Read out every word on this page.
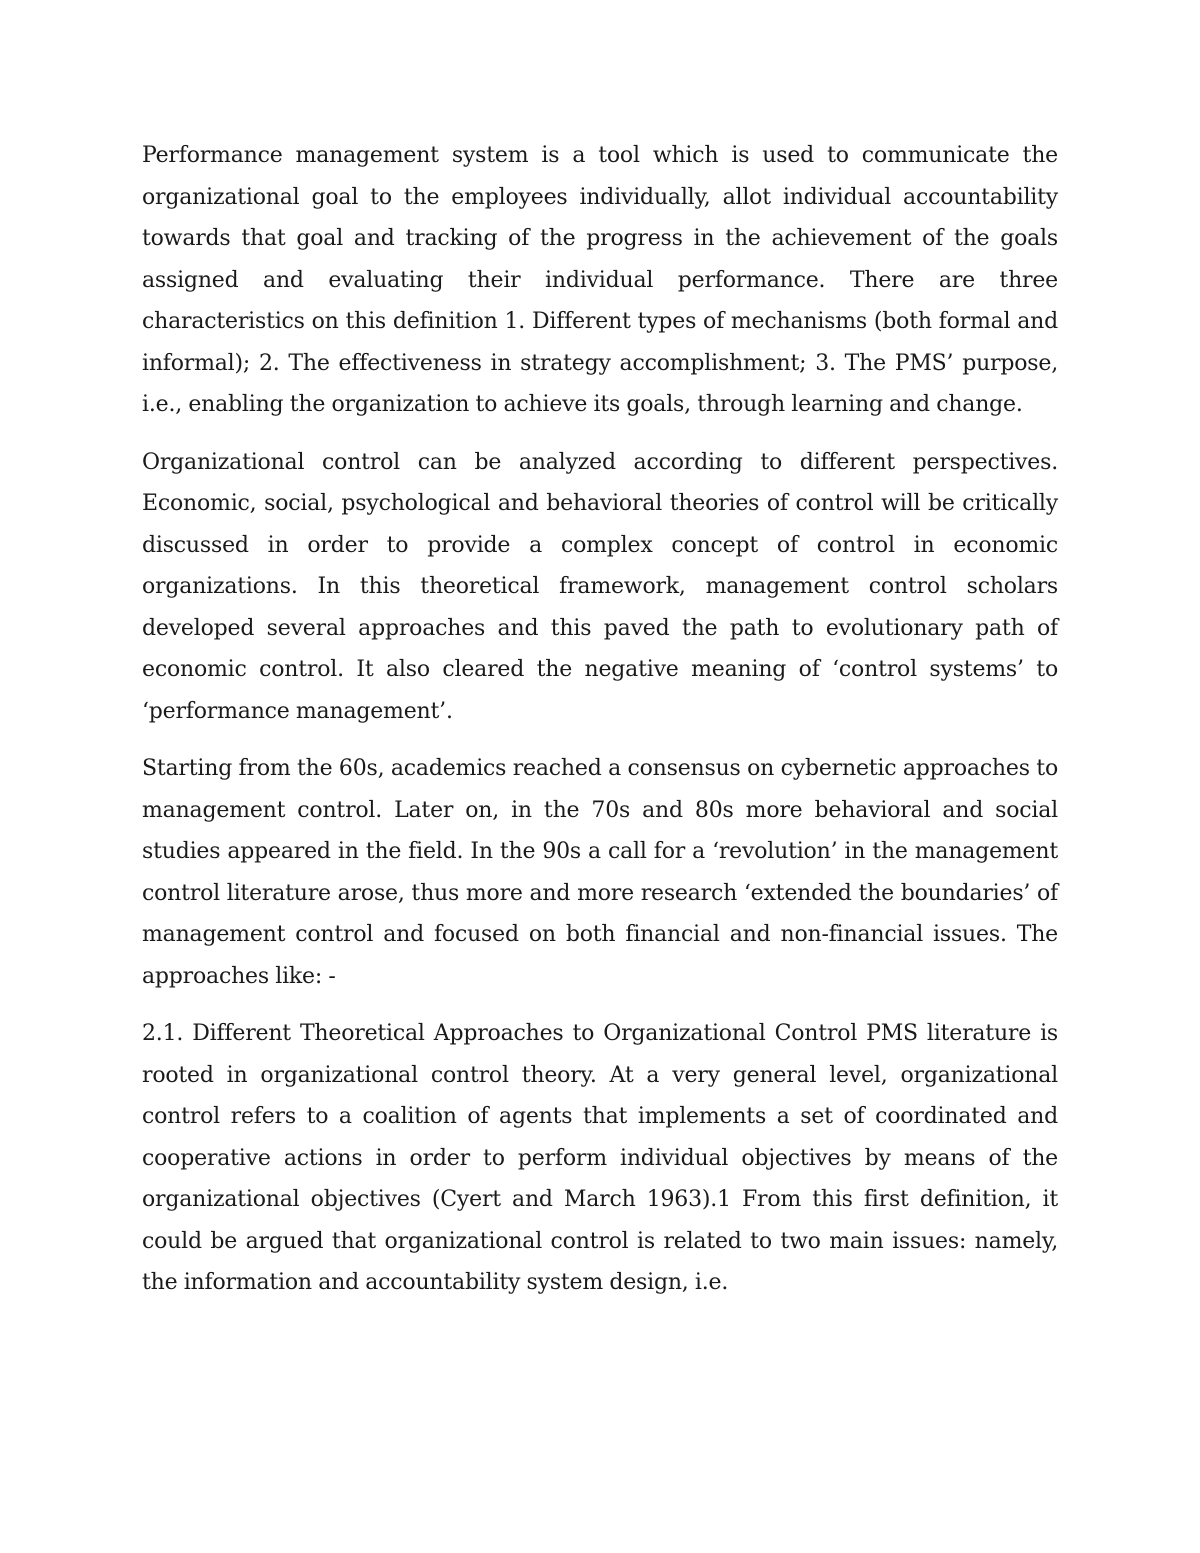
Performance management system is a tool which is used to communicate the organizational goal to the employees individually, allot individual accountability towards that goal and tracking of the progress in the achievement of the goals assigned and evaluating their individual performance. There are three characteristics on this definition 1. Different types of mechanisms (both formal and informal); 2. The effectiveness in strategy accomplishment; 3. The PMS’ purpose, i.e., enabling the organization to achieve its goals, through learning and change.

Organizational control can be analyzed according to different perspectives. Economic, social, psychological and behavioral theories of control will be critically discussed in order to provide a complex concept of control in economic organizations. In this theoretical framework, management control scholars developed several approaches and this paved the path to evolutionary path of economic control. It also cleared the negative meaning of ‘control systems’ to ‘performance management’.

Starting from the 60s, academics reached a consensus on cybernetic approaches to management control. Later on, in the 70s and 80s more behavioral and social studies appeared in the field. In the 90s a call for a ‘revolution’ in the management control literature arose, thus more and more research ‘extended the boundaries’ of management control and focused on both financial and non-financial issues. The approaches like: -

2.1. Different Theoretical Approaches to Organizational Control PMS literature is rooted in organizational control theory. At a very general level, organizational control refers to a coalition of agents that implements a set of coordinated and cooperative actions in order to perform individual objectives by means of the organizational objectives (Cyert and March 1963).1 From this first definition, it could be argued that organizational control is related to two main issues: namely, the information and accountability system design, i.e.
